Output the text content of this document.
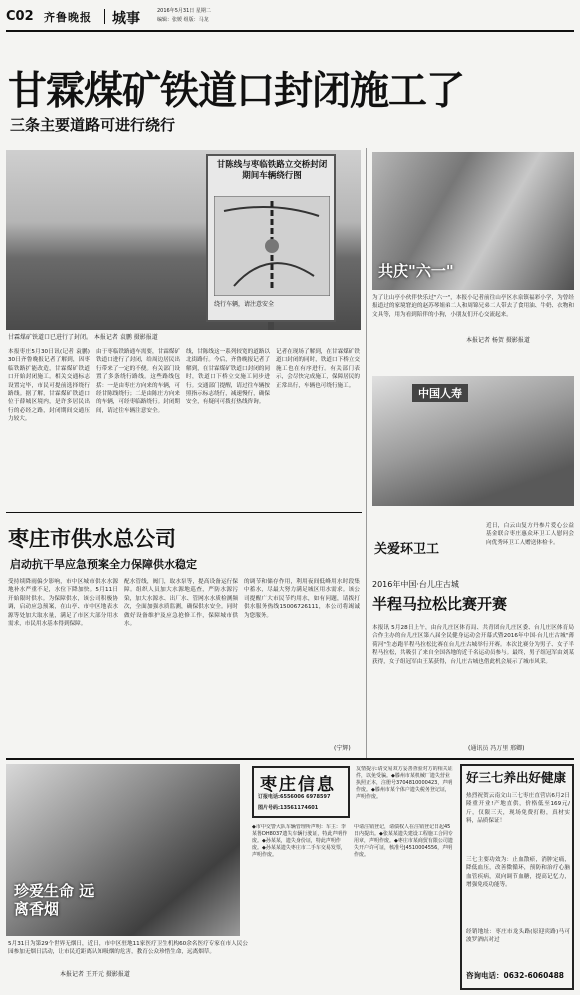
C02 齐鲁晚报 城事	2016年5月31日 星期二
编辑：张媛 组版：马龙
甘霖煤矿铁道口封闭施工了
三条主要道路可进行绕行
甘陈线与枣临铁路立交桥封闭期间车辆绕行图
绕行车辆，请注意安全
甘霖煤矿铁道口已进行了封闭。 本报记者 袁鹏 摄影报道
本报枣庄5月30日讯(记者 袁鹏) 30日齐鲁晚报记者了解到，因枣临铁路扩能改造，甘霖煤矿铁道口开始封闭施工。相关交通标志设置完毕，市民可提前选择绕行路线。据了解，甘霖煤矿铁道口位于薛城区境内，是许多居民出行的必经之路，封闭期间交通压力较大。
由于枣临铁路通车需要，甘霖煤矿铁道口进行了封闭，给周边居民出行带来了一定的不便。有关部门设置了多条绕行路线。这些路线包括：一是由枣庄方向来的车辆，可经甘陈线绕行；二是由陈庄方向来的车辆，可经枣临路绕行。封闭期间，请过往车辆注意安全。
线，甘陈线这一系列较宽的道路以北街路行。今后，齐鲁晚报记者了解到，在甘霖煤矿铁道口封闭的同时，铁道口下桥立交施工同步进行。交通部门提醒，请过往车辆按照指示标志绕行，减速慢行，确保安全，有疑问可拨打热线咨询。
记者在现场了解到，在甘霖煤矿铁道口封闭的同时，铁道口下桥立交施工也在有序进行。有关部门表示，会尽快完成施工，保障居民的正常出行，车辆也可绕行施工。
共庆"六一"
为了让山亭小伙伴快乐过"六一"，本报小记者前往山亭区水泉镇福彩小学，为曾经报道过的家境窘迫的赵苏琴姐弟二人和周锦兄弟二人带去了食用油、牛奶、衣物和文具等，用为看到陪伴的小狗，小朋友们开心交流起来。
本报记者 杨贺 摄影报道
中国人寿
关爱环卫工
近日，白云山复方丹参片爱心公益基金联合枣庄惠众环卫工人慰问会向优秀环卫工人赠送体检卡。
2016年中国·台儿庄古城
半程马拉松比赛开赛
本报讯 5月28日上午，由台儿庄区体育局、共青团台儿庄区委、台儿庄区体育局合作主办的台儿庄区第八届全民健身运动会开幕式暨2016年中国·台儿庄古城"薄荷河"生态跑半程马拉松比赛在台儿庄古城举行开赛。本次比赛分为男子、女子半程马拉松，共吸引了来自全国各地的近千名运动员参与。最终，男子组冠军由刘某获得，女子组冠军由王某获得，台儿庄古城也借此机会展示了城市风采。
(通讯员 冯万里 邢卿)
枣庄市供水总公司
启动抗干旱应急预案全力保障供水稳定
受持续降雨偏少影响，市中区城市供水水源地补水严重不足，水位下降加快。5月11日开始限时供水。为保障供水，该公司积极协调，启动应急预案，在山亭、市中区地表水源等处加大取水量，满足了市区大部分用水需求，市民用水基本得到保障。
配水管线，阀门，取水泵等，提高设备运行保障。组织人员加大水源地巡查，严防水源污染，加大水源水、出厂水、管网水水质检测频次，全面加强水质监测，确保供水安全。同时做好设备维护及应急抢修工作，保障城市供水。
的调节和储存作用，利用夜间低峰用水时段集中蓄水，尽最大努力满足城区用水需求。该公司提醒广大市民节约用水，如有问题，请拨打供水服务热线15006726111，本公司将竭诚为您服务。
(宁辉)
珍爱生命 远离香烟
5月31日为第29个世界无烟日，近日，市中区驻地11家医疗卫生机构60余名医疗专家在市人民公园参加无烟日活动，让市民近距离认知吸烟的危害，教育公众珍惜生命，远离烟草。
本报记者 王开元 摄影报道
枣庄信息
订报电话:6556006 6978597
图片号码:13561174601
友情提示:请交易双方妥善查验对方的相关证件，以免受骗。◆滕州市某机械厂遗失营业执照正本，注册号3704810000423，声明作废。◆滕州市某个体户遗失税务登记证，声明作废。
◆市中交警大队车辆管理所声明：车主：李某鲁DH8037遗失车辆行驶证，特此声明作废。◆孙某某，遗失身份证，特此声明作废。◆孙某某遗失枣庄市二手车交易发票，声明作废。
中请注销登记，请债权人在注销登记日起45日内提出。◆张某某遗失建设工程施工合同专用章，声明作废。◆枣庄市某商贸有限公司遗失开户许可证，核准号J4510004556，声明作废。
好三七养出好健康
热烈祝贺云南文山三七枣庄直营店6月2日隆重开业!产地直供，价格低至169元/斤，仅限三天，现场免费打粉，真材实料，品质保证！
三七主要功效为：止血散瘀，消肿定痛，降低血压，改善微循环，预防和治疗心脑血管疾病，双向调节血糖，提高记忆力，增强免疫功能等。
经销地址：枣庄市龙头路(原迎宾路)马可波罗酒店对过
咨询电话：0632-6060488
